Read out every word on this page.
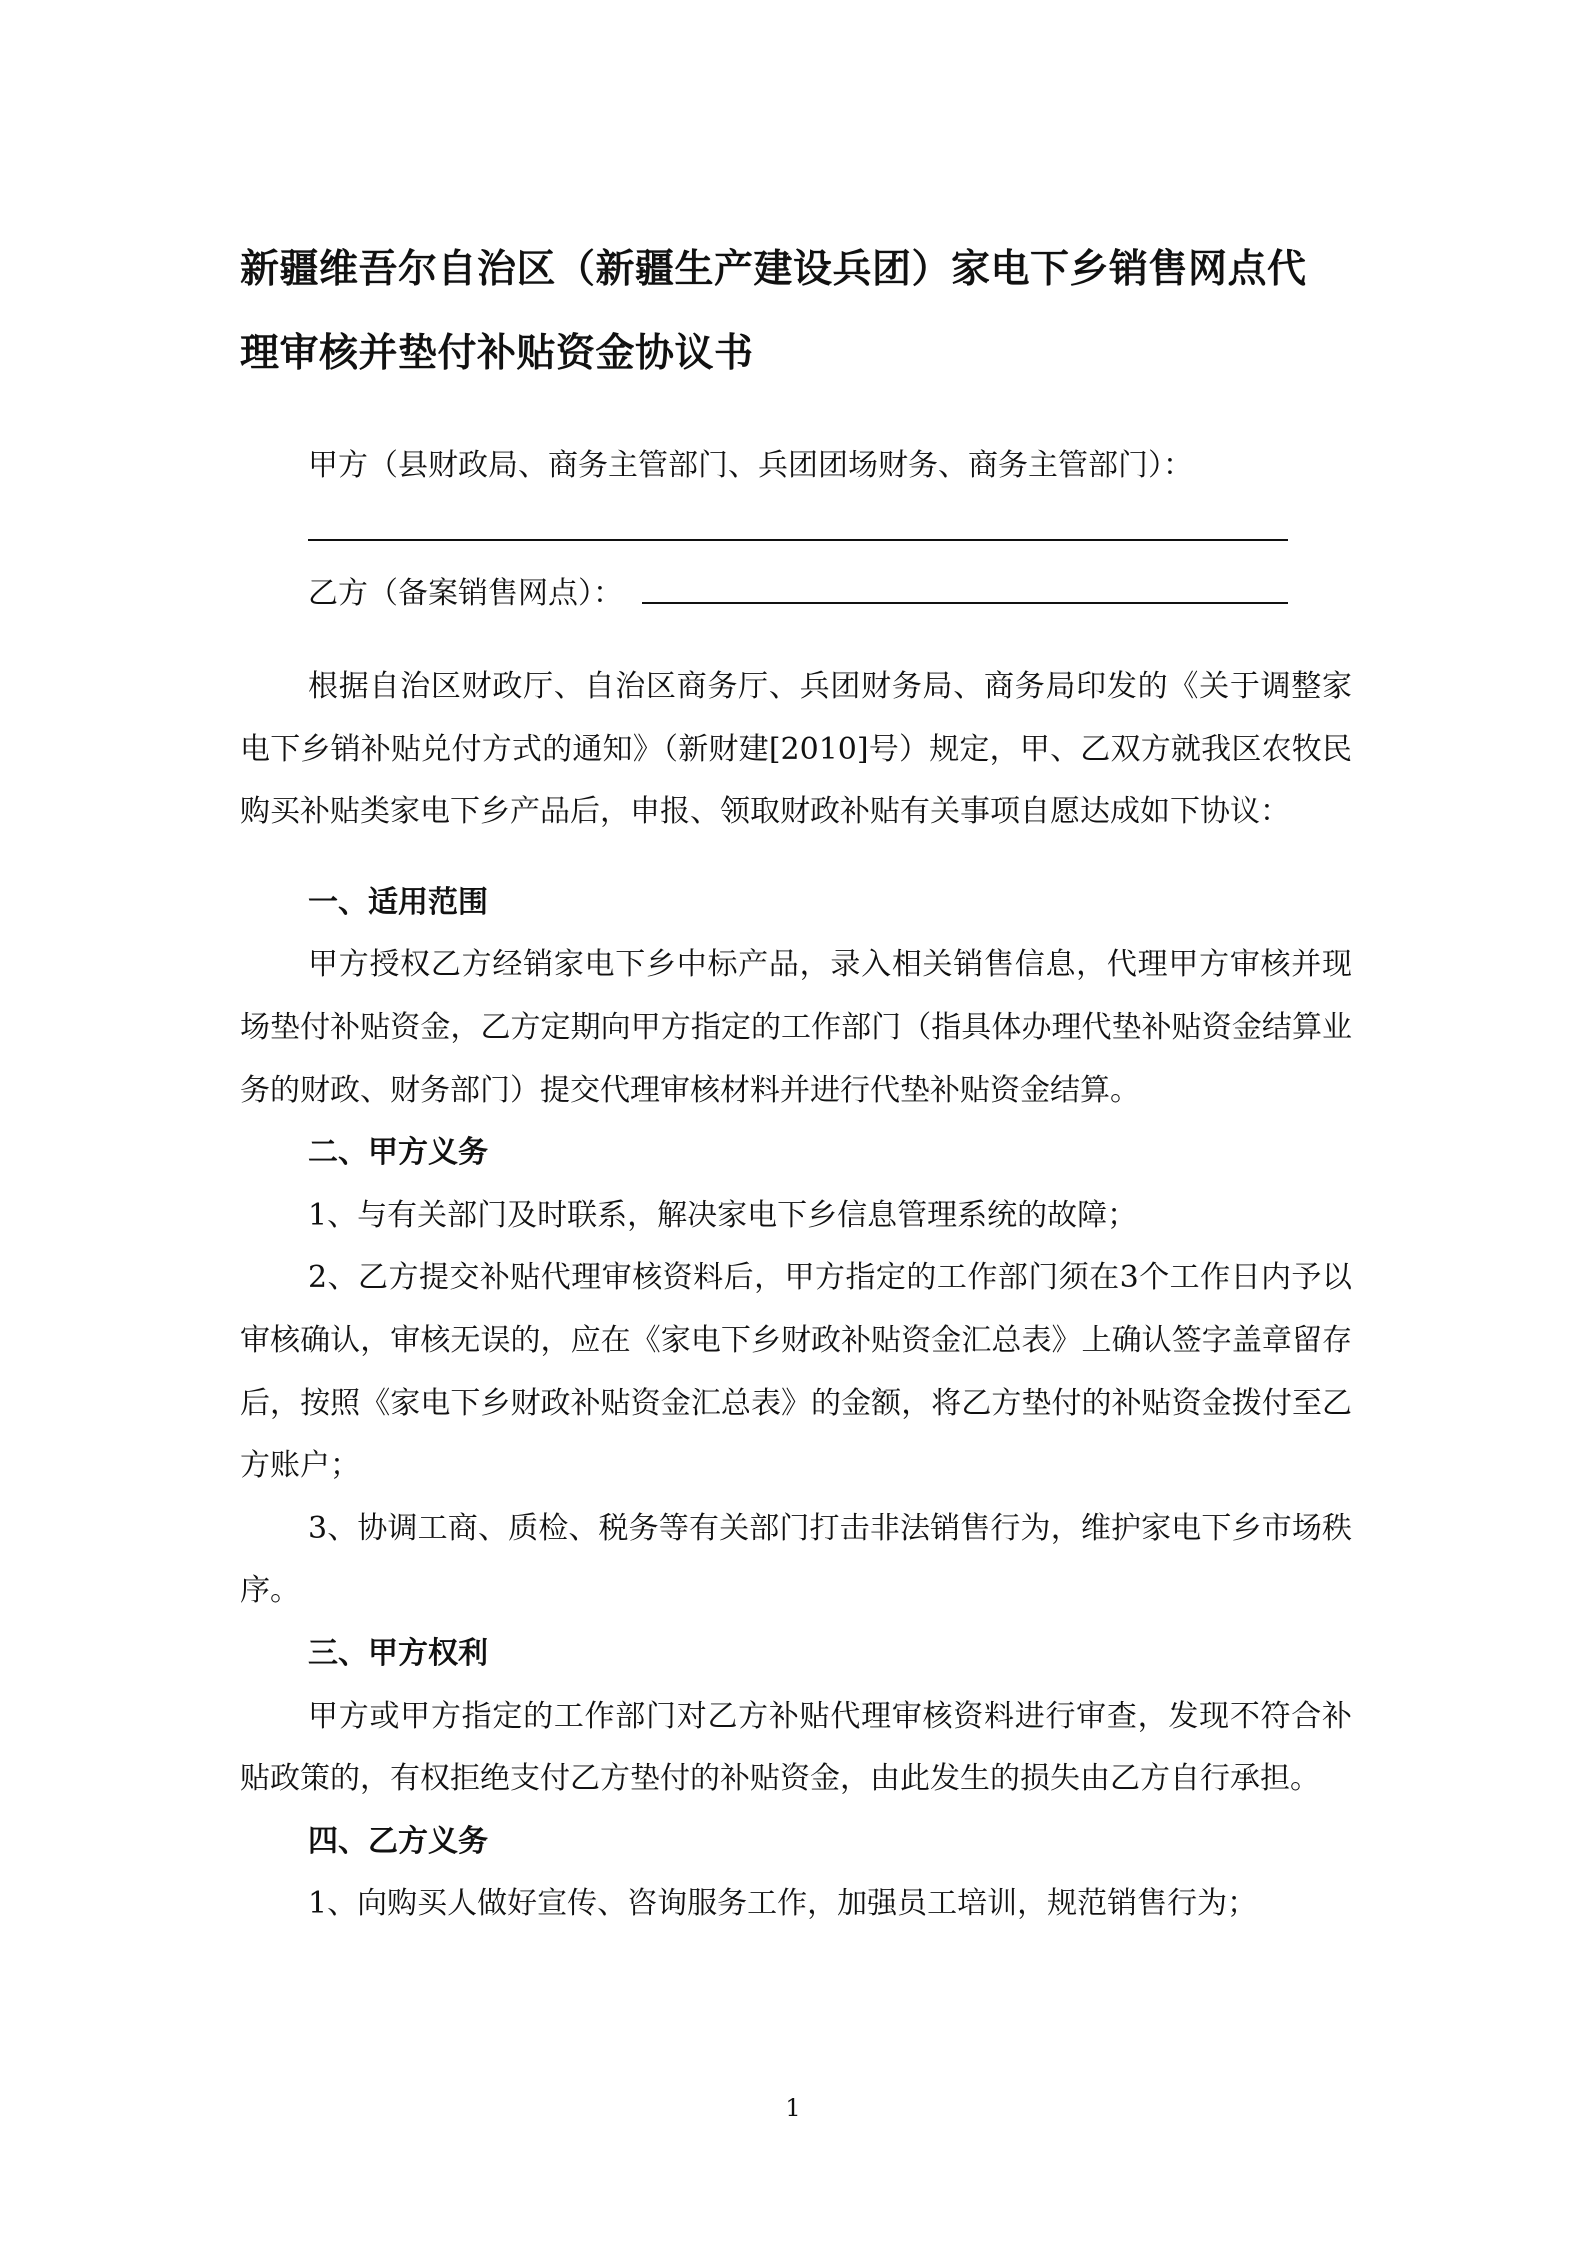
新疆维吾尔自治区（新疆生产建设兵团）家电下乡销售网点代
理审核并垫付补贴资金协议书
甲方（县财政局、商务主管部门、兵团团场财务、商务主管部门）：
乙方（备案销售网点）：

根据自治区财政厅、自治区商务厅、兵团财务局、商务局印发的《关于调整家电下乡销补贴兑付方式的通知》（新财建[2010]号）规定，甲、乙双方就我区农牧民购买补贴类家电下乡产品后，申报、领取财政补贴有关事项自愿达成如下协议：

一、适用范围

甲方授权乙方经销家电下乡中标产品，录入相关销售信息，代理甲方审核并现场垫付补贴资金，乙方定期向甲方指定的工作部门（指具体办理代垫补贴资金结算业务的财政、财务部门）提交代理审核材料并进行代垫补贴资金结算。

二、甲方义务

1、与有关部门及时联系，解决家电下乡信息管理系统的故障；

2、乙方提交补贴代理审核资料后，甲方指定的工作部门须在3个工作日内予以审核确认，审核无误的，应在《家电下乡财政补贴资金汇总表》上确认签字盖章留存后，按照《家电下乡财政补贴资金汇总表》的金额，将乙方垫付的补贴资金拨付至乙方账户；

3、协调工商、质检、税务等有关部门打击非法销售行为，维护家电下乡市场秩序。

三、甲方权利

甲方或甲方指定的工作部门对乙方补贴代理审核资料进行审查，发现不符合补贴政策的，有权拒绝支付乙方垫付的补贴资金，由此发生的损失由乙方自行承担。

四、乙方义务

1、向购买人做好宣传、咨询服务工作，加强员工培训，规范销售行为；

1
